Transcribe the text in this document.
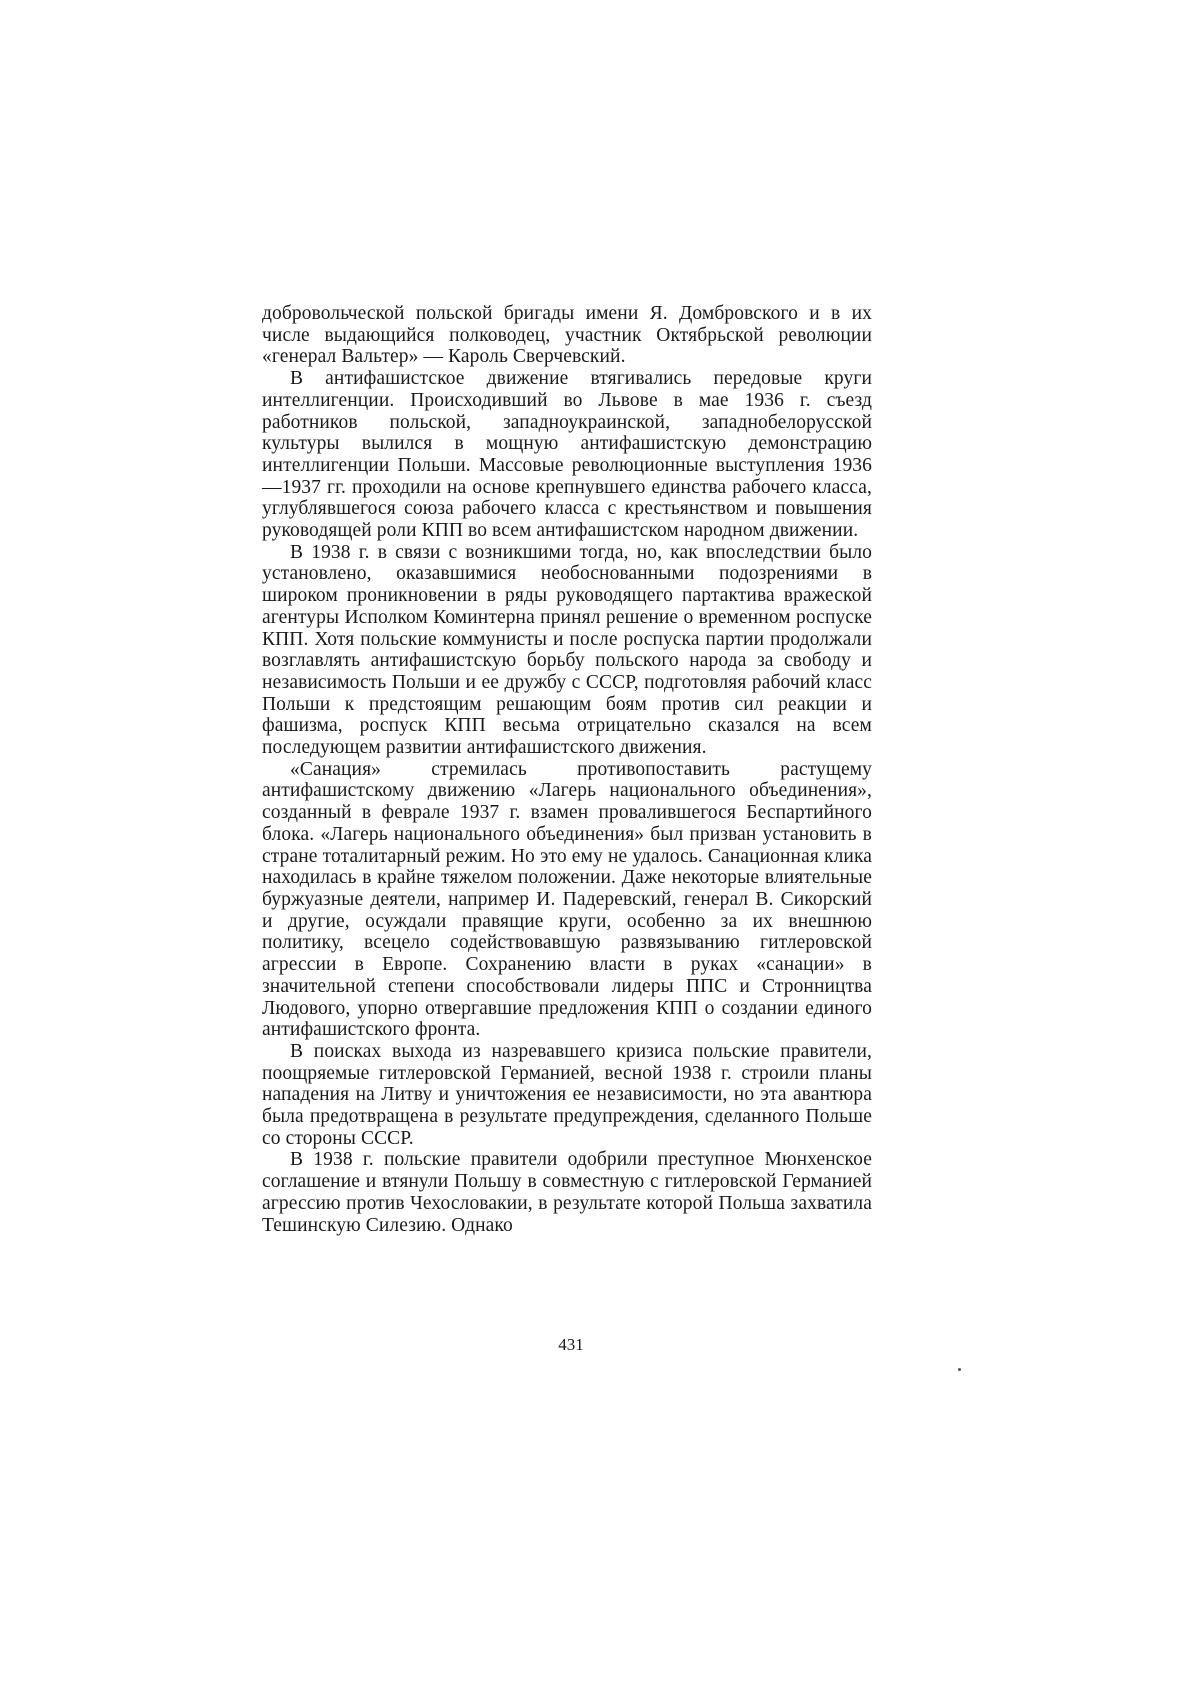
добровольческой польской бригады имени Я. Домбровского и в их числе выдающийся полководец, участник Октябрьской революции «генерал Вальтер» — Кароль Сверчевский.

В антифашистское движение втягивались передовые круги интеллигенции. Происходивший во Львове в мае 1936 г. съезд работников польской, западноукраинской, западнобелорусской культуры вылился в мощную антифашистскую демонстрацию интеллигенции Польши. Массовые революционные выступления 1936—1937 гг. проходили на основе крепнувшего единства рабочего класса, углублявшегося союза рабочего класса с крестьянством и повышения руководящей роли КПП во всем антифашистском народном движении.

В 1938 г. в связи с возникшими тогда, но, как впоследствии было установлено, оказавшимися необоснованными подозрениями в широком проникновении в ряды руководящего партактива вражеской агентуры Исполком Коминтерна принял решение о временном роспуске КПП. Хотя польские коммунисты и после роспуска партии продолжали возглавлять антифашистскую борьбу польского народа за свободу и независимость Польши и ее дружбу с СССР, подготовляя рабочий класс Польши к предстоящим решающим боям против сил реакции и фашизма, роспуск КПП весьма отрицательно сказался на всем последующем развитии антифашистского движения.

«Санация» стремилась противопоставить растущему антифашистскому движению «Лагерь национального объединения», созданный в феврале 1937 г. взамен провалившегося Беспартийного блока. «Лагерь национального объединения» был призван установить в стране тоталитарный режим. Но это ему не удалось. Санационная клика находилась в крайне тяжелом положении. Даже некоторые влиятельные буржуазные деятели, например И. Падеревский, генерал В. Сикорский и другие, осуждали правящие круги, особенно за их внешнюю политику, всецело содействовавшую развязыванию гитлеровской агрессии в Европе. Сохранению власти в руках «санации» в значительной степени способствовали лидеры ППС и Стронництва Людового, упорно отвергавшие предложения КПП о создании единого антифашистского фронта.

В поисках выхода из назревавшего кризиса польские правители, поощряемые гитлеровской Германией, весной 1938 г. строили планы нападения на Литву и уничтожения ее независимости, но эта авантюра была предотвращена в результате предупреждения, сделанного Польше со стороны СССР.

В 1938 г. польские правители одобрили преступное Мюнхенское соглашение и втянули Польшу в совместную с гитлеровской Германией агрессию против Чехословакии, в результате которой Польша захватила Тешинскую Силезию. Однако

431
